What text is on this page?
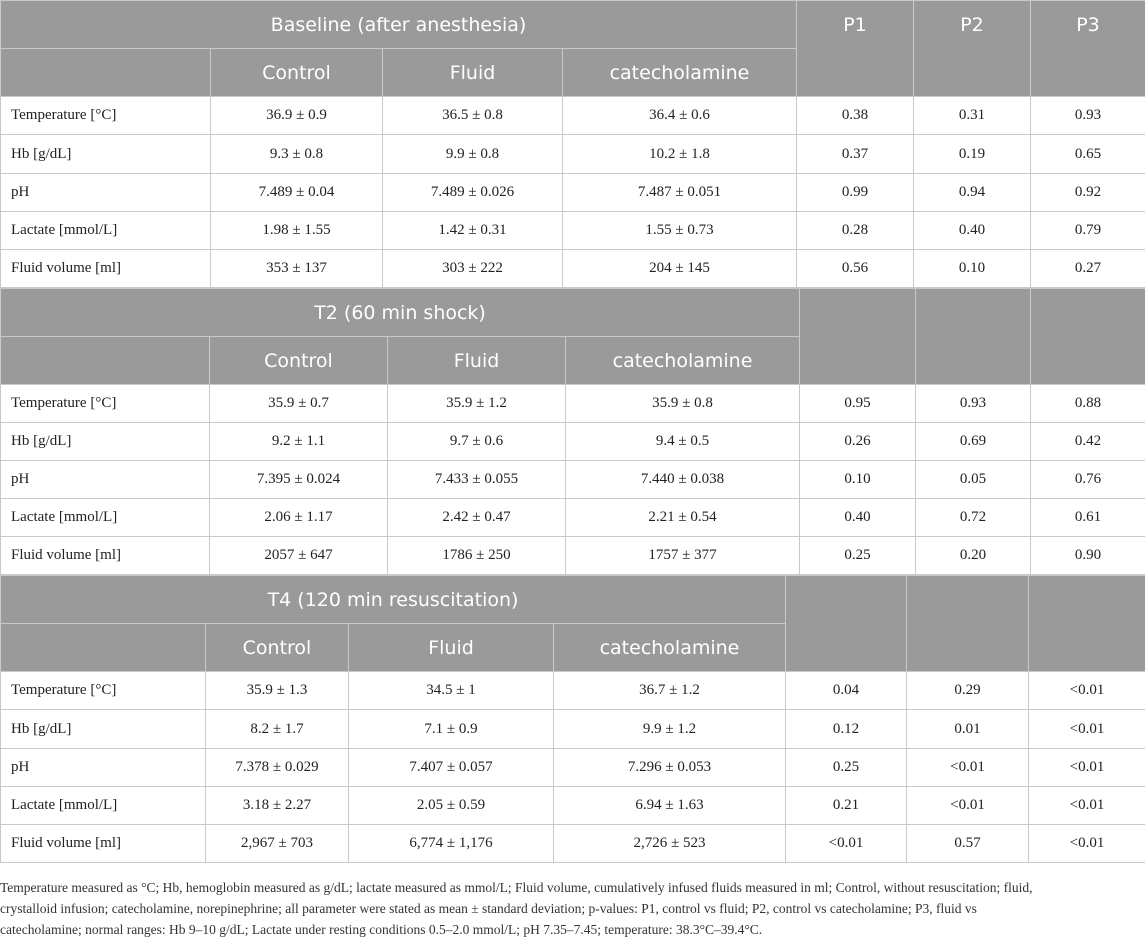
Baseline (after anesthesia)				P1	P2	P3
	Control	Fluid	catecholamine			
Temperature [°C]	36.9 ± 0.9	36.5 ± 0.8	36.4 ± 0.6	0.38	0.31	0.93
Hb [g/dL]	9.3 ± 0.8	9.9 ± 0.8	10.2 ± 1.8	0.37	0.19	0.65
pH	7.489 ± 0.04	7.489 ± 0.026	7.487 ± 0.051	0.99	0.94	0.92
Lactate [mmol/L]	1.98 ± 1.55	1.42 ± 0.31	1.55 ± 0.73	0.28	0.40	0.79
Fluid volume [ml]	353 ± 137	303 ± 222	204 ± 145	0.56	0.10	0.27
T2 (60 min shock)						
	Control	Fluid	catecholamine			
Temperature [°C]	35.9 ± 0.7	35.9 ± 1.2	35.9 ± 0.8	0.95	0.93	0.88
Hb [g/dL]	9.2 ± 1.1	9.7 ± 0.6	9.4 ± 0.5	0.26	0.69	0.42
pH	7.395 ± 0.024	7.433 ± 0.055	7.440 ± 0.038	0.10	0.05	0.76
Lactate [mmol/L]	2.06 ± 1.17	2.42 ± 0.47	2.21 ± 0.54	0.40	0.72	0.61
Fluid volume [ml]	2057 ± 647	1786 ± 250	1757 ± 377	0.25	0.20	0.90
T4 (120 min resuscitation)						
	Control	Fluid	catecholamine			
Temperature [°C]	35.9 ± 1.3	34.5 ± 1	36.7 ± 1.2	0.04	0.29	<0.01
Hb [g/dL]	8.2 ± 1.7	7.1 ± 0.9	9.9 ± 1.2	0.12	0.01	<0.01
pH	7.378 ± 0.029	7.407 ± 0.057	7.296 ± 0.053	0.25	<0.01	<0.01
Lactate [mmol/L]	3.18 ± 2.27	2.05 ± 0.59	6.94 ± 1.63	0.21	<0.01	<0.01
Fluid volume [ml]	2,967 ± 703	6,774 ± 1,176	2,726 ± 523	<0.01	0.57	<0.01

Temperature measured as °C; Hb, hemoglobin measured as g/dL; lactate measured as mmol/L; Fluid volume, cumulatively infused fluids measured in ml; Control, without resuscitation; fluid,

crystalloid infusion; catecholamine, norepinephrine; all parameter were stated as mean ± standard deviation; p-values: P1, control vs fluid; P2, control vs catecholamine; P3, fluid vs

catecholamine; normal ranges: Hb 9–10 g/dL; Lactate under resting conditions 0.5–2.0 mmol/L; pH 7.35–7.45; temperature: 38.3°C–39.4°C.
